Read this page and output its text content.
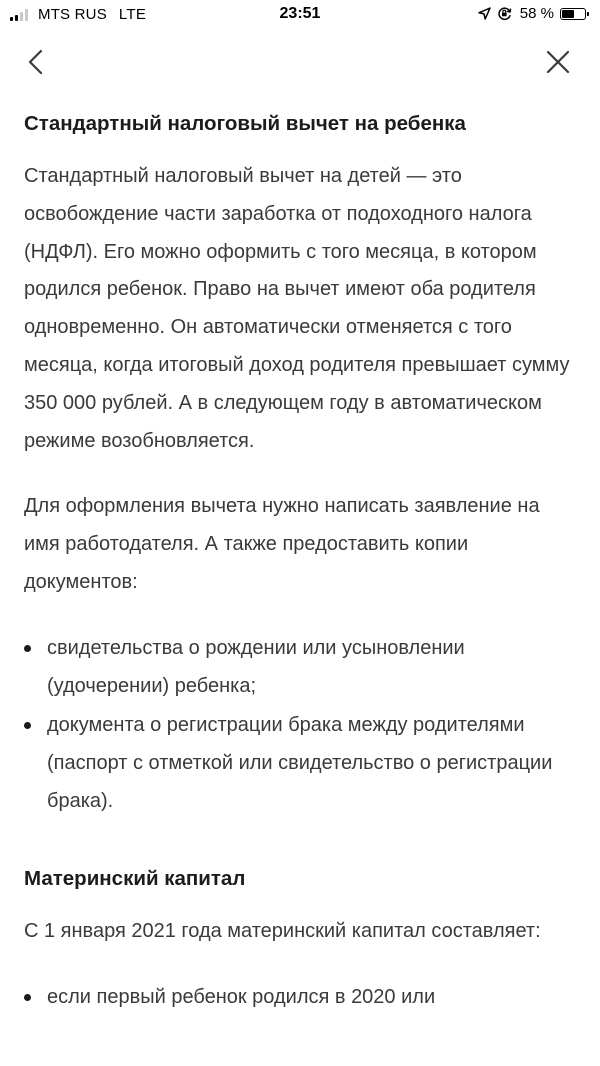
MTS RUS LTE	23:51	58 %
Стандартный налоговый вычет на ребенка

Стандартный налоговый вычет на детей — это освобождение части заработка от подоходного налога (НДФЛ). Его можно оформить с того месяца, в котором родился ребенок. Право на вычет имеют оба родителя одновременно. Он автоматически отменяется с того месяца, когда итоговый доход родителя превышает сумму 350 000 рублей. А в следующем году в автоматическом режиме возобновляется.

Для оформления вычета нужно написать заявление на имя работодателя. А также предоставить копии документов:

свидетельства о рождении или усыновлении (удочерении) ребенка;
документа о регистрации брака между родителями (паспорт с отметкой или свидетельство о регистрации брака).
Материнский капитал

С 1 января 2021 года материнский капитал составляет:

если первый ребенок родился в 2020 или
